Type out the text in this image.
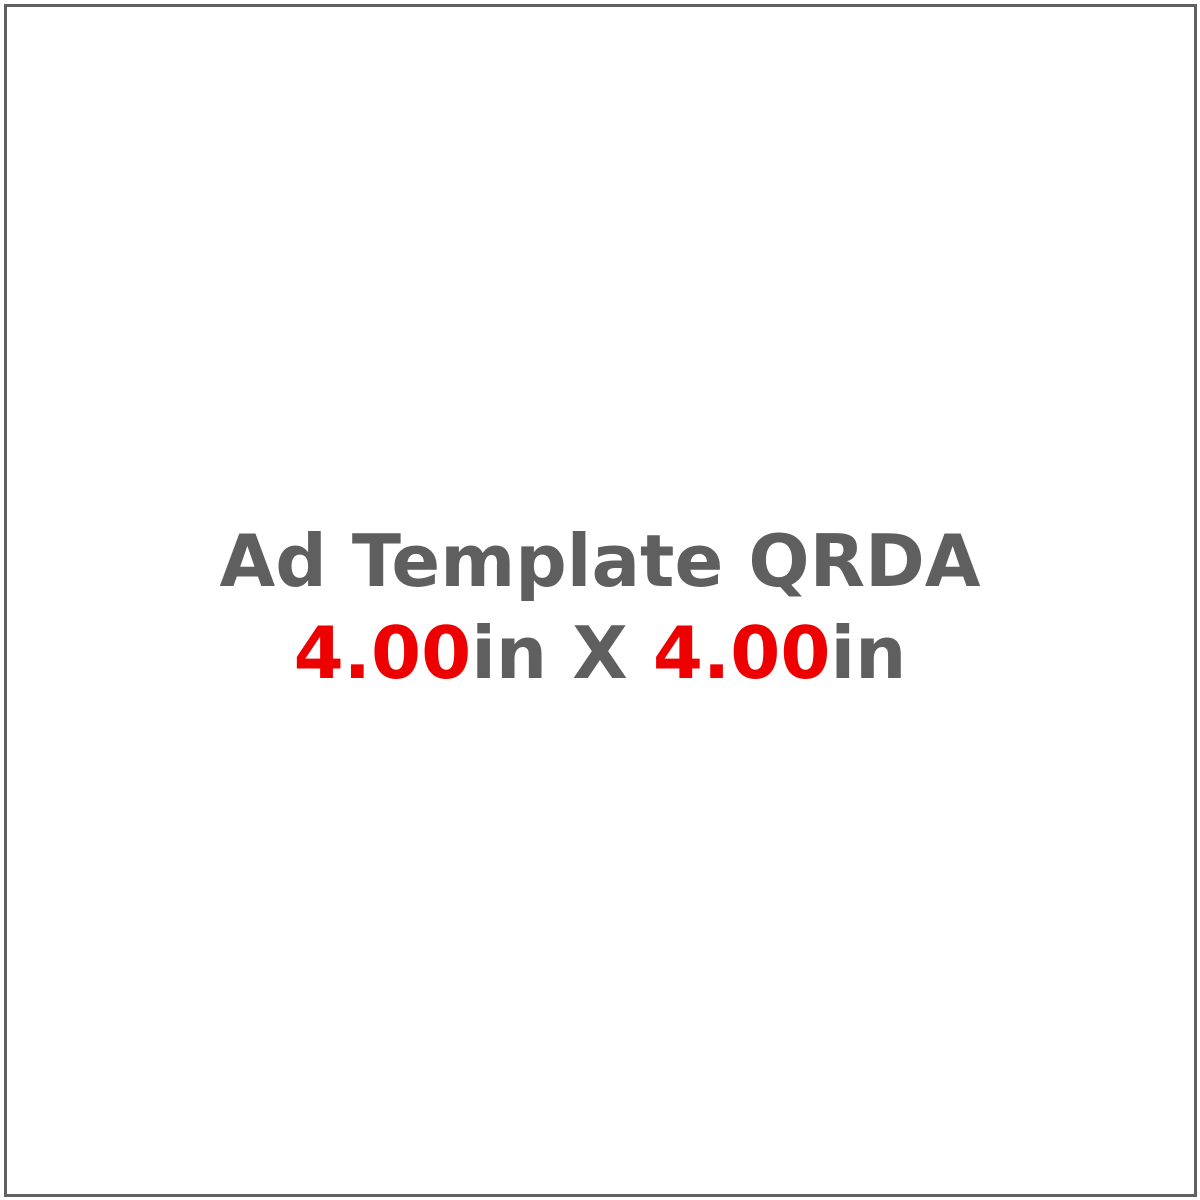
Ad Template QRDA
4.00in X 4.00in
